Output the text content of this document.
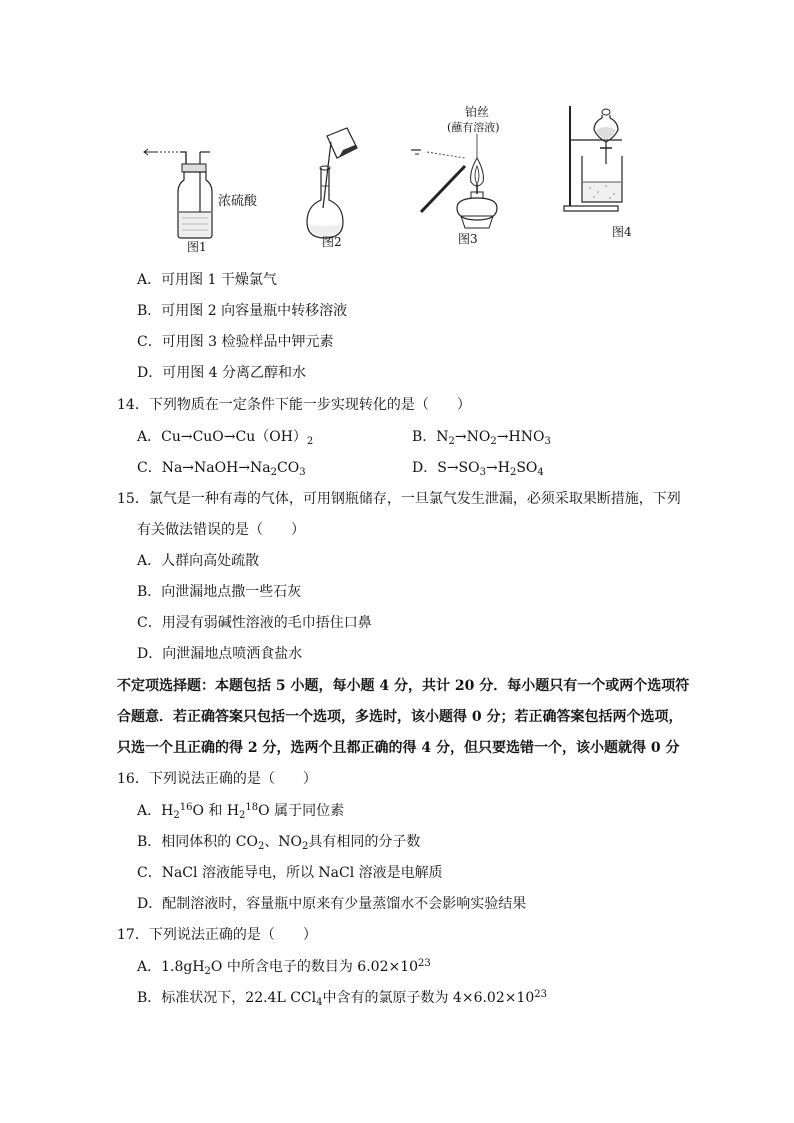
浓硫酸
图1	图2
铂丝
(蘸有溶液)
图3	图4
A．可用图 1 干燥氯气
B．可用图 2 向容量瓶中转移溶液
C．可用图 3 检验样品中钾元素
D．可用图 4 分离乙醇和水
14．下列物质在一定条件下能一步实现转化的是（　　）
A．$Cu\to CuO\to Cu(OH)_2$	B．$N_2\to NO_2\to HNO_3$
C．$Na\to NaOH\to Na_2CO_3$	D．$S\to SO_3\to H_2SO_4$
15．氯气是一种有毒的气体，可用钢瓶储存，一旦氯气发生泄漏，必须采取果断措施，下列
有关做法错误的是（　　）
A．人群向高处疏散
B．向泄漏地点撒一些石灰
C．用浸有弱碱性溶液的毛巾捂住口鼻
D．向泄漏地点喷洒食盐水
不定项选择题：本题包括 5 小题，每小题 4 分，共计 20 分．每小题只有一个或两个选项符
合题意．若正确答案只包括一个选项，多选时，该小题得 0 分；若正确答案包括两个选项，
只选一个且正确的得 2 分，选两个且都正确的得 4 分，但只要选错一个，该小题就得 0 分
16．下列说法正确的是（　　）
A．$H_2^{16}O$ 和 $H_2^{18}O$ 属于同位素
B．相同体积的 $CO_2$、$NO_2$具有相同的分子数
C．NaCl 溶液能导电，所以 NaCl 溶液是电解质
D．配制溶液时，容量瓶中原来有少量蒸馏水不会影响实验结果
17．下列说法正确的是（　　）
A．$1.8gH_2O$ 中所含电子的数目为 $6.02\times 10^{23}$
B．标准状况下，22.4L CCl$_4$中含有的氯原子数为 $4\times 6.02\times 10^{23}$
